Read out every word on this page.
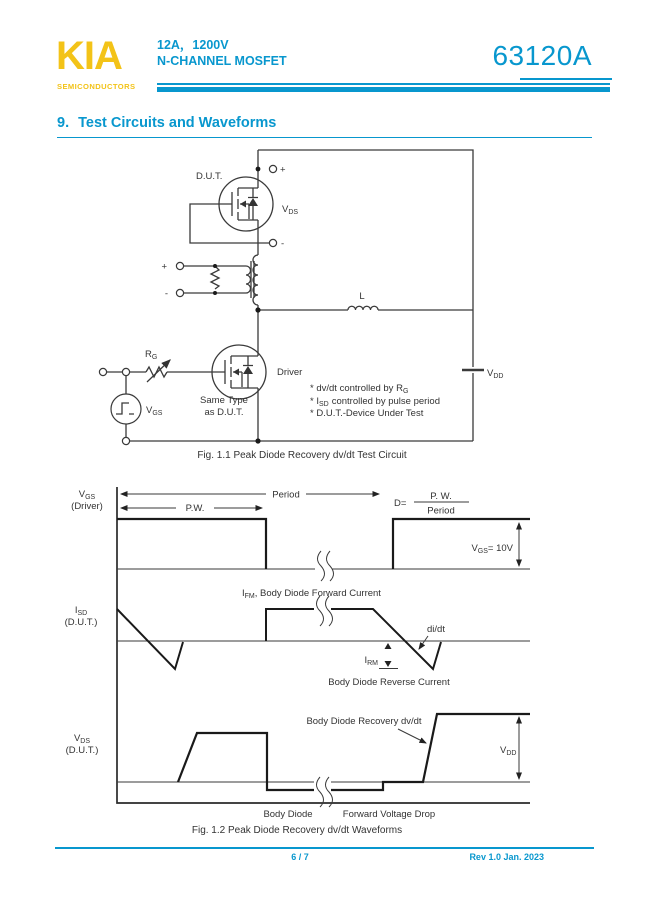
KIA
SEMICONDUCTORS
12A，1200V
N-CHANNEL MOSFET	63120A
9. Test Circuits and Waveforms
D.U.T.
+
-
$V_{DS}$
+
-	L
$V_{DD}$
$R_G$
$V_{GS}$
Driver
Same Type
as D.U.T.
* dv/dt controlled by $R_G$
* $I_{SD}$ controlled by pulse period
* D.U.T.-Device Under Test
Fig. 1.1 Peak Diode Recovery dv/dt Test Circuit
$V_{GS}$
(Driver)	P.W.
Period
D=
P. W.
Period
$V_{GS}= 10V$
$I_{SD}$
(D.U.T.)
$I_{FM}$, Body Diode Forward Current
di/dt
$I_{RM}$
Body Diode Reverse Current
$V_{DS}$
(D.U.T.)
Body Diode Recovery dv/dt
$V_{DD}$
Body Diode	Forward Voltage Drop
Fig. 1.2 Peak Diode Recovery dv/dt Waveforms
6 / 7	Rev 1.0 Jan. 2023
